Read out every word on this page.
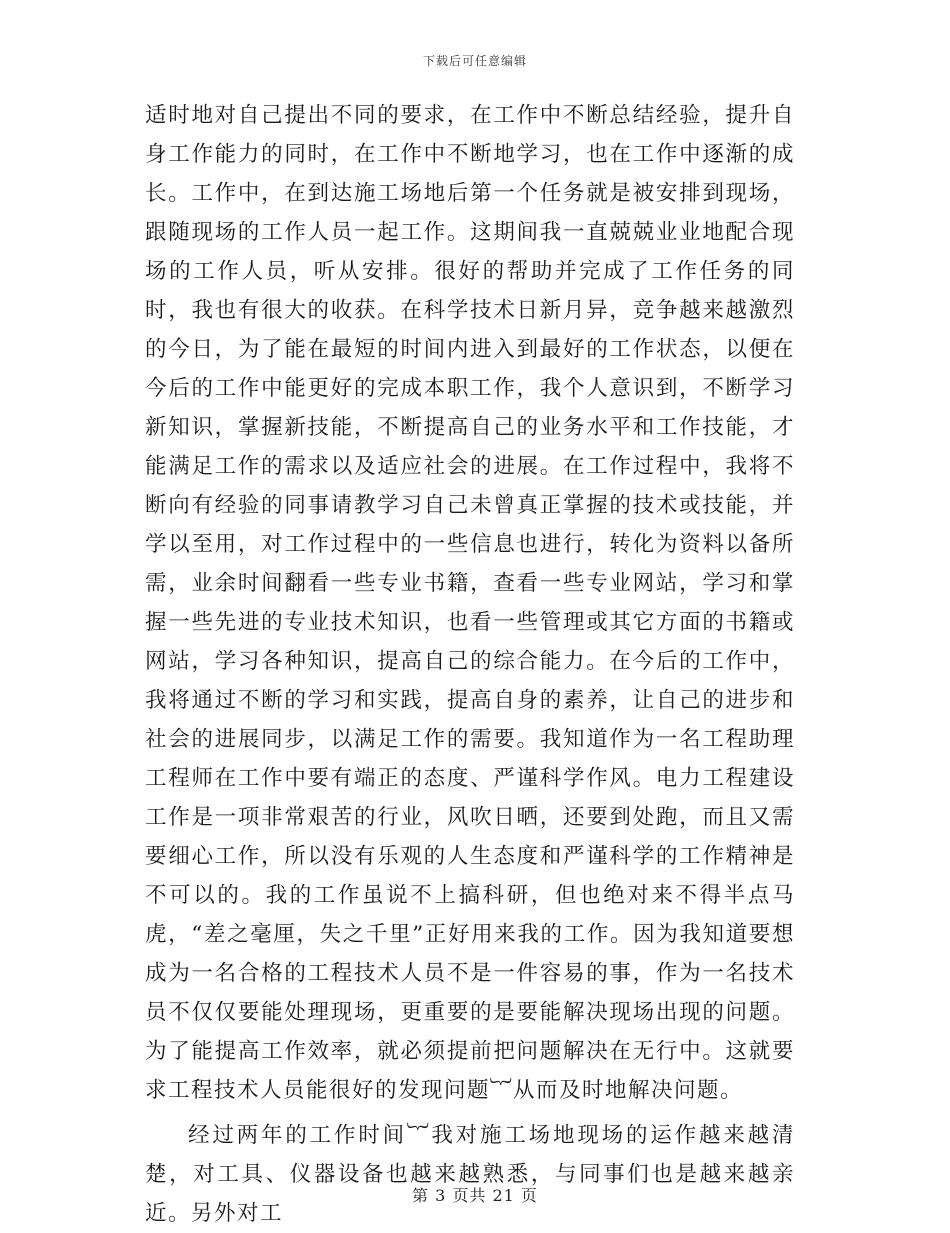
下载后可任意编辑

适时地对自己提出不同的要求，在工作中不断总结经验，提升自身工作能力的同时，在工作中不断地学习，也在工作中逐渐的成长。工作中，在到达施工场地后第一个任务就是被安排到现场，跟随现场的工作人员一起工作。这期间我一直兢兢业业地配合现场的工作人员，听从安排。很好的帮助并完成了工作任务的同时，我也有很大的收获。在科学技术日新月异，竞争越来越激烈的今日，为了能在最短的时间内进入到最好的工作状态，以便在今后的工作中能更好的完成本职工作，我个人意识到，不断学习新知识，掌握新技能，不断提高自己的业务水平和工作技能，才能满足工作的需求以及适应社会的进展。在工作过程中，我将不断向有经验的同事请教学习自己未曾真正掌握的技术或技能，并学以至用，对工作过程中的一些信息也进行，转化为资料以备所需，业余时间翻看一些专业书籍，查看一些专业网站，学习和掌握一些先进的专业技术知识，也看一些管理或其它方面的书籍或网站，学习各种知识，提高自己的综合能力。在今后的工作中，我将通过不断的学习和实践，提高自身的素养，让自己的进步和社会的进展同步，以满足工作的需要。我知道作为一名工程助理工程师在工作中要有端正的态度、严谨科学作风。电力工程建设工作是一项非常艰苦的行业，风吹日晒，还要到处跑，而且又需要细心工作，所以没有乐观的人生态度和严谨科学的工作精神是不可以的。我的工作虽说不上搞科研，但也绝对来不得半点马虎，“差之毫厘，失之千里”正好用来我的工作。因为我知道要想成为一名合格的工程技术人员不是一件容易的事，作为一名技术员不仅仅要能处理现场，更重要的是要能解决现场出现的问题。为了能提高工作效率，就必须提前把问题解决在无行中。这就要求工程技术人员能很好的发现问题︸从而及时地解决问题。

经过两年的工作时间︸我对施工场地现场的运作越来越清楚，对工具、仪器设备也越来越熟悉，与同事们也是越来越亲近。另外对工

第 3 页共 21 页
